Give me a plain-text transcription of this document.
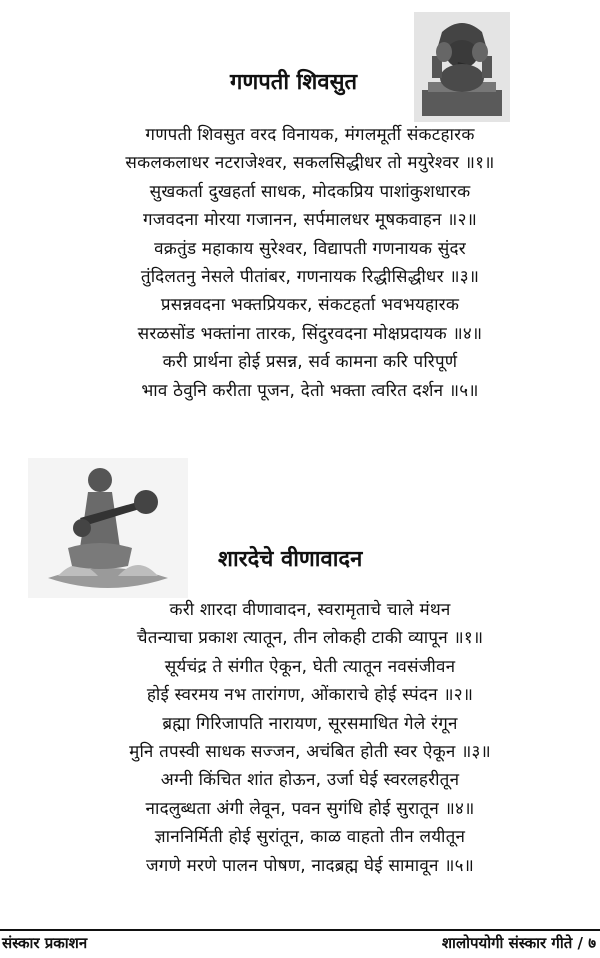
गणपती शिवसुत
गणपती शिवसुत वरद विनायक, मंगलमूर्ती संकटहारक
सकलकलाधर नटराजेश्वर, सकलसिद्धीधर तो मयुरेश्वर ॥१॥
सुखकर्ता दुखहर्ता साधक, मोदकप्रिय पाशांकुशधारक
गजवदना मोरया गजानन, सर्पमालधर मूषकवाहन ॥२॥
वक्रतुंड महाकाय सुरेश्वर, विद्यापती गणनायक सुंदर
तुंदिलतनु नेसले पीतांबर, गणनायक रिद्धीसिद्धीधर ॥३॥
प्रसन्नवदना भक्तप्रियकर, संकटहर्ता भवभयहारक
सरळसोंड भक्तांना तारक, सिंदुरवदना मोक्षप्रदायक ॥४॥
करी प्रार्थना होई प्रसन्न, सर्व कामना करि परिपूर्ण
भाव ठेवुनि करीता पूजन, देतो भक्ता त्वरित दर्शन ॥५॥
शारदेचे वीणावादन
करी शारदा वीणावादन, स्वरामृताचे चाले मंथन
चैतन्याचा प्रकाश त्यातून, तीन लोकही टाकी व्यापून ॥१॥
सूर्यचंद्र ते संगीत ऐकून, घेती त्यातून नवसंजीवन
होई स्वरमय नभ तारांगण, ओंकाराचे होई स्पंदन ॥२॥
ब्रह्मा गिरिजापति नारायण, सूरसमाधित गेले रंगून
मुनि तपस्वी साधक सज्जन, अचंबित होती स्वर ऐकून ॥३॥
अग्नी किंचित शांत होऊन, उर्जा घेई स्वरलहरीतून
नादलुब्धता अंगी लेवून, पवन सुगंधि होई सुरातून ॥४॥
ज्ञाननिर्मिती होई सुरांतून, काळ वाहतो तीन लयीतून
जगणे मरणे पालन पोषण, नादब्रह्म घेई सामावून ॥५॥
संस्कार प्रकाशन	शालोपयोगी संस्कार गीते / ७
